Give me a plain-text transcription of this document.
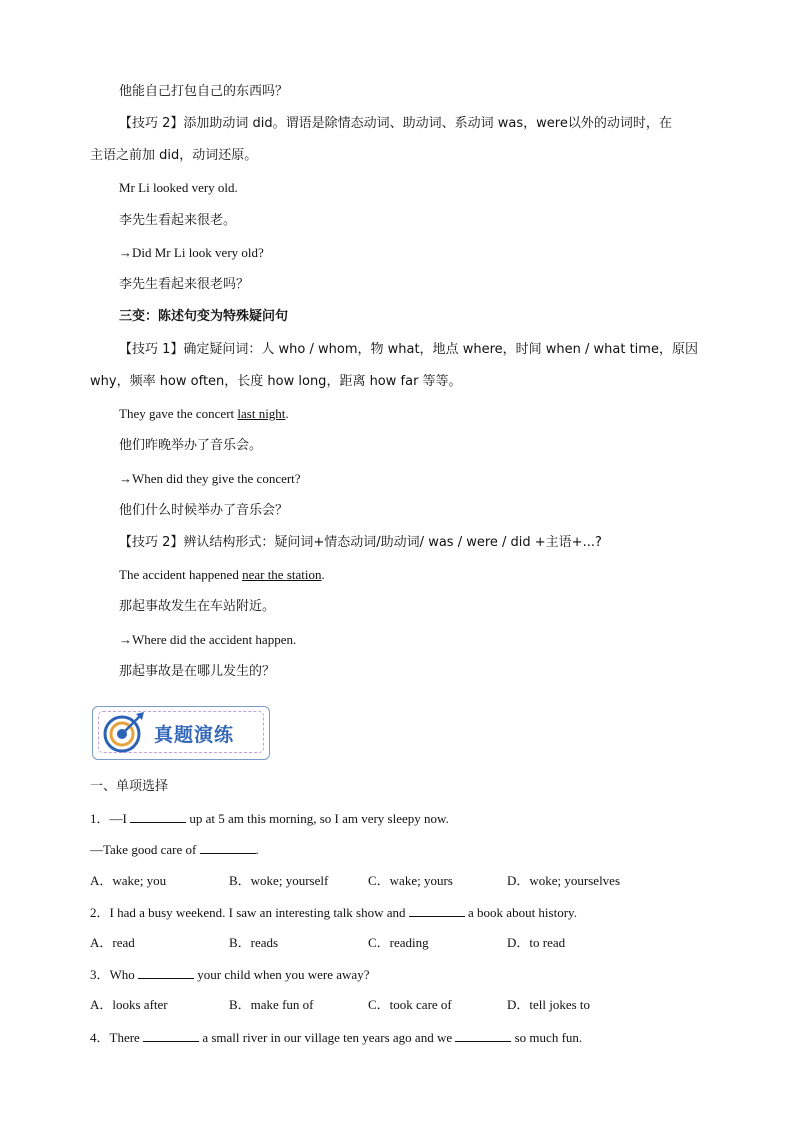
他能自己打包自己的东西吗？
【技巧 2】添加助动词 did。谓语是除情态动词、助动词、系动词 was，were以外的动词时，在
主语之前加 did，动词还原。
Mr Li looked very old.
李先生看起来很老。
→Did Mr Li look very old?
李先生看起来很老吗？
三变：陈述句变为特殊疑问句
【技巧 1】确定疑问词：人 who / whom，物 what，地点 where，时间 when / what time，原因
why，频率 how often，长度 how long，距离 how far 等等。
They gave the concert last night.
他们昨晚举办了音乐会。
→When did they give the concert?
他们什么时候举办了音乐会？
【技巧 2】辨认结构形式：疑问词+情态动词/助动词/ was / were / did +主语+...?
The accident happened near the station.
那起事故发生在车站附近。
→Where did the accident happen.
那起事故是在哪儿发生的？
真题演练
一、单项选择
1．—I	up at 5 am this morning, so I am very sleepy now.
—Take good care of	.
A．wake; you	B．woke; yourself	C．wake; yours	D．woke; yourselves
2．I had a busy weekend. I saw an interesting talk show and	a book about history.
A．read	B．reads	C．reading	D．to read
3．Who	your child when you were away?
A．looks after	B．make fun of	C．took care of	D．tell jokes to
4．There	a small river in our village ten years ago and we	so much fun.
